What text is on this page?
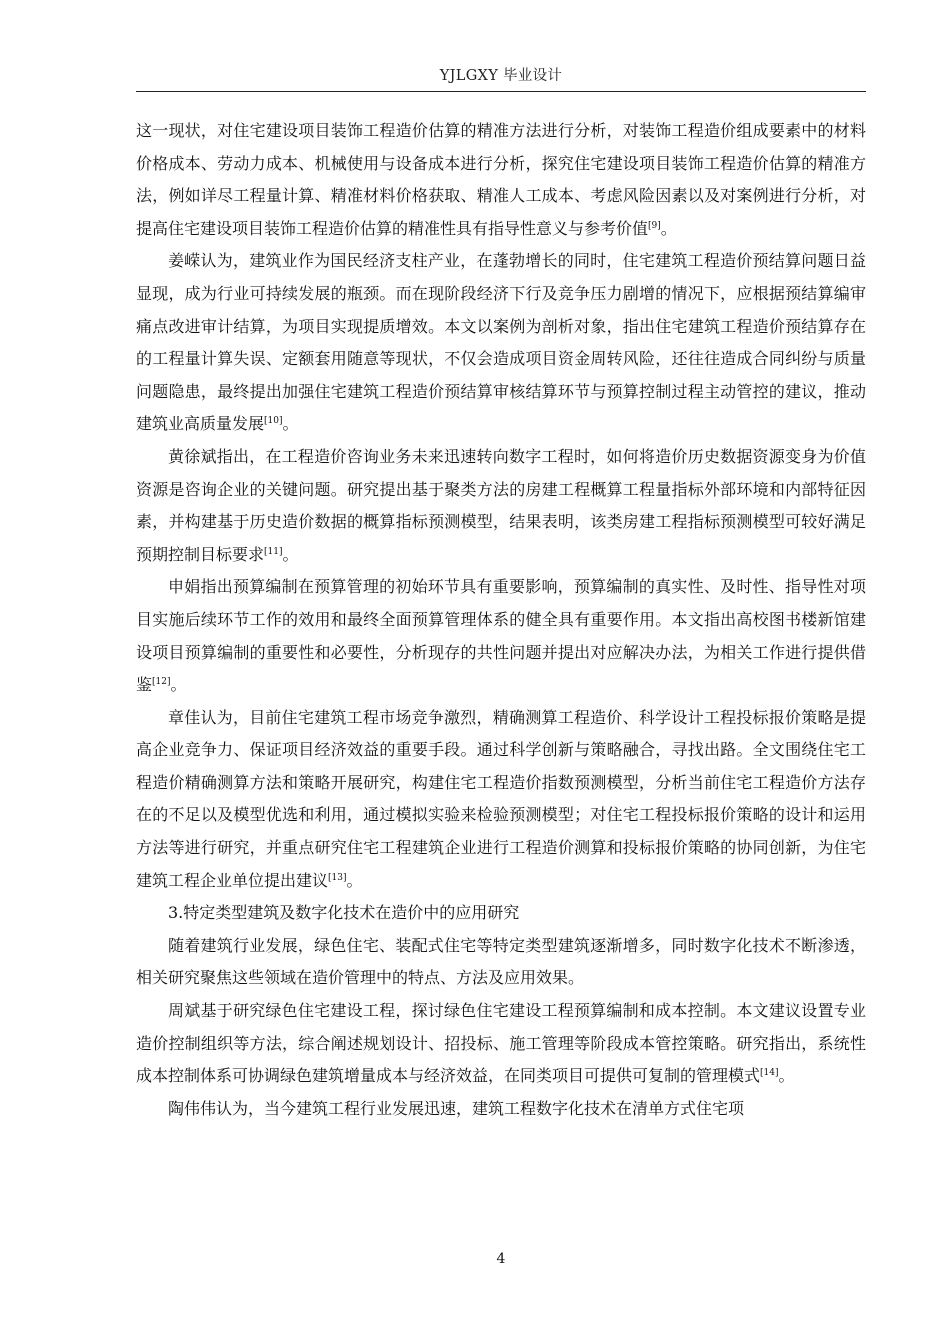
YJLGXY 毕业设计

这一现状，对住宅建设项目装饰工程造价估算的精准方法进行分析，对装饰工程造价组成要素中的材料价格成本、劳动力成本、机械使用与设备成本进行分析，探究住宅建设项目装饰工程造价估算的精准方法，例如详尽工程量计算、精准材料价格获取、精准人工成本、考虑风险因素以及对案例进行分析，对提高住宅建设项目装饰工程造价估算的精准性具有指导性意义与参考价值[9]。

姜嵘认为，建筑业作为国民经济支柱产业，在蓬勃增长的同时，住宅建筑工程造价预结算问题日益显现，成为行业可持续发展的瓶颈。而在现阶段经济下行及竞争压力剧增的情况下，应根据预结算编审痛点改进审计结算，为项目实现提质增效。本文以案例为剖析对象，指出住宅建筑工程造价预结算存在的工程量计算失误、定额套用随意等现状，不仅会造成项目资金周转风险，还往往造成合同纠纷与质量问题隐患，最终提出加强住宅建筑工程造价预结算审核结算环节与预算控制过程主动管控的建议，推动建筑业高质量发展[10]。

黄徐斌指出，在工程造价咨询业务未来迅速转向数字工程时，如何将造价历史数据资源变身为价值资源是咨询企业的关键问题。研究提出基于聚类方法的房建工程概算工程量指标外部环境和内部特征因素，并构建基于历史造价数据的概算指标预测模型，结果表明，该类房建工程指标预测模型可较好满足预期控制目标要求[11]。

申娟指出预算编制在预算管理的初始环节具有重要影响，预算编制的真实性、及时性、指导性对项目实施后续环节工作的效用和最终全面预算管理体系的健全具有重要作用。本文指出高校图书楼新馆建设项目预算编制的重要性和必要性，分析现存的共性问题并提出对应解决办法，为相关工作进行提供借鉴[12]。

章佳认为，目前住宅建筑工程市场竞争激烈，精确测算工程造价、科学设计工程投标报价策略是提高企业竞争力、保证项目经济效益的重要手段。通过科学创新与策略融合，寻找出路。全文围绕住宅工程造价精确测算方法和策略开展研究，构建住宅工程造价指数预测模型，分析当前住宅工程造价方法存在的不足以及模型优选和利用，通过模拟实验来检验预测模型；对住宅工程投标报价策略的设计和运用方法等进行研究，并重点研究住宅工程建筑企业进行工程造价测算和投标报价策略的协同创新，为住宅建筑工程企业单位提出建议[13]。

3.特定类型建筑及数字化技术在造价中的应用研究

随着建筑行业发展，绿色住宅、装配式住宅等特定类型建筑逐渐增多，同时数字化技术不断渗透，相关研究聚焦这些领域在造价管理中的特点、方法及应用效果。

周斌基于研究绿色住宅建设工程，探讨绿色住宅建设工程预算编制和成本控制。本文建议设置专业造价控制组织等方法，综合阐述规划设计、招投标、施工管理等阶段成本管控策略。研究指出，系统性成本控制体系可协调绿色建筑增量成本与经济效益，在同类项目可提供可复制的管理模式[14]。

陶伟伟认为，当今建筑工程行业发展迅速，建筑工程数字化技术在清单方式住宅项

4
